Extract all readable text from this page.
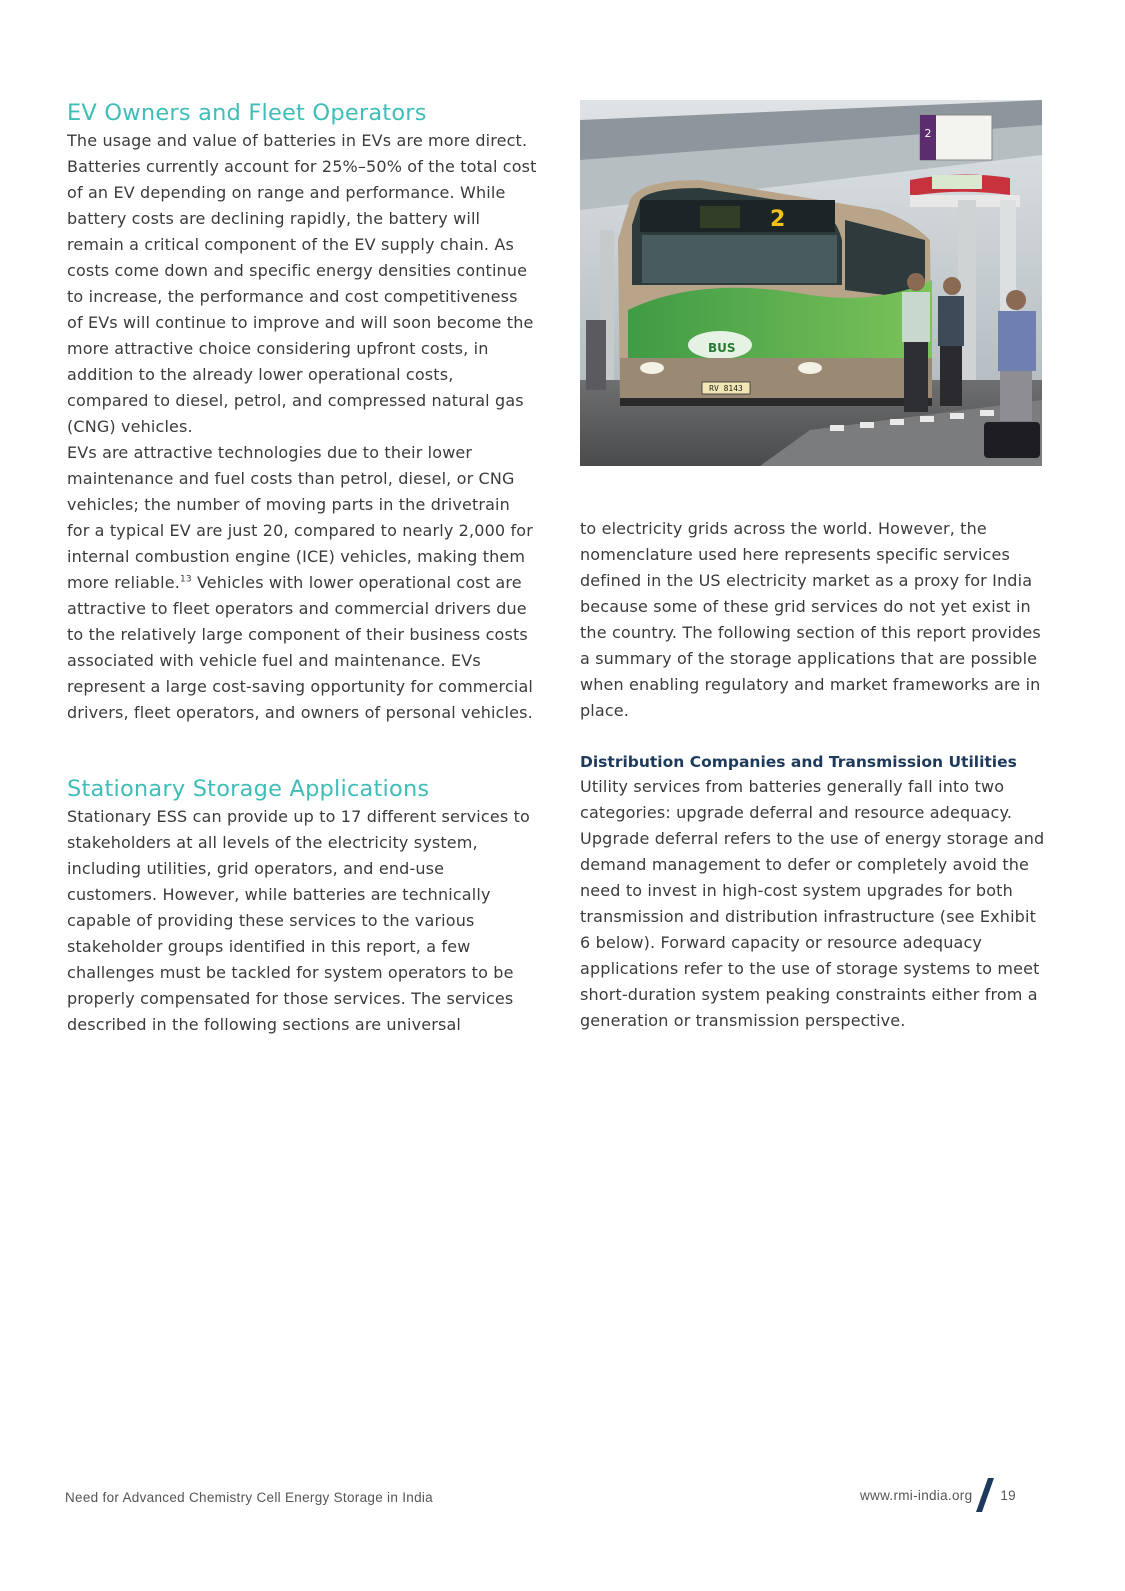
EV Owners and Fleet Operators

The usage and value of batteries in EVs are more direct. Batteries currently account for 25%–50% of the total cost of an EV depending on range and performance. While battery costs are declining rapidly, the battery will remain a critical component of the EV supply chain. As costs come down and specific energy densities continue to increase, the performance and cost competitiveness of EVs will continue to improve and will soon become the more attractive choice considering upfront costs, in addition to the already lower operational costs, compared to diesel, petrol, and compressed natural gas (CNG) vehicles.

EVs are attractive technologies due to their lower maintenance and fuel costs than petrol, diesel, or CNG vehicles; the number of moving parts in the drivetrain for a typical EV are just 20, compared to nearly 2,000 for internal combustion engine (ICE) vehicles, making them more reliable.$^{13}$ Vehicles with lower operational cost are attractive to fleet operators and commercial drivers due to the relatively large component of their business costs associated with vehicle fuel and maintenance. EVs represent a large cost-saving opportunity for commercial drivers, fleet operators, and owners of personal vehicles.

Stationary Storage Applications

Stationary ESS can provide up to 17 different services to stakeholders at all levels of the electricity system, including utilities, grid operators, and end-use customers. However, while batteries are technically capable of providing these services to the various stakeholder groups identified in this report, a few challenges must be tackled for system operators to be properly compensated for those services. The services described in the following sections are universal

2
2
BUS
RV 8143

to electricity grids across the world. However, the nomenclature used here represents specific services defined in the US electricity market as a proxy for India because some of these grid services do not yet exist in the country. The following section of this report provides a summary of the storage applications that are possible when enabling regulatory and market frameworks are in place.

Distribution Companies and Transmission Utilities

Utility services from batteries generally fall into two categories: upgrade deferral and resource adequacy. Upgrade deferral refers to the use of energy storage and demand management to defer or completely avoid the need to invest in high-cost system upgrades for both transmission and distribution infrastructure (see Exhibit 6 below). Forward capacity or resource adequacy applications refer to the use of storage systems to meet short-duration system peaking constraints either from a generation or transmission perspective.

Need for Advanced Chemistry Cell Energy Storage in India	www.rmi-india.org 19
